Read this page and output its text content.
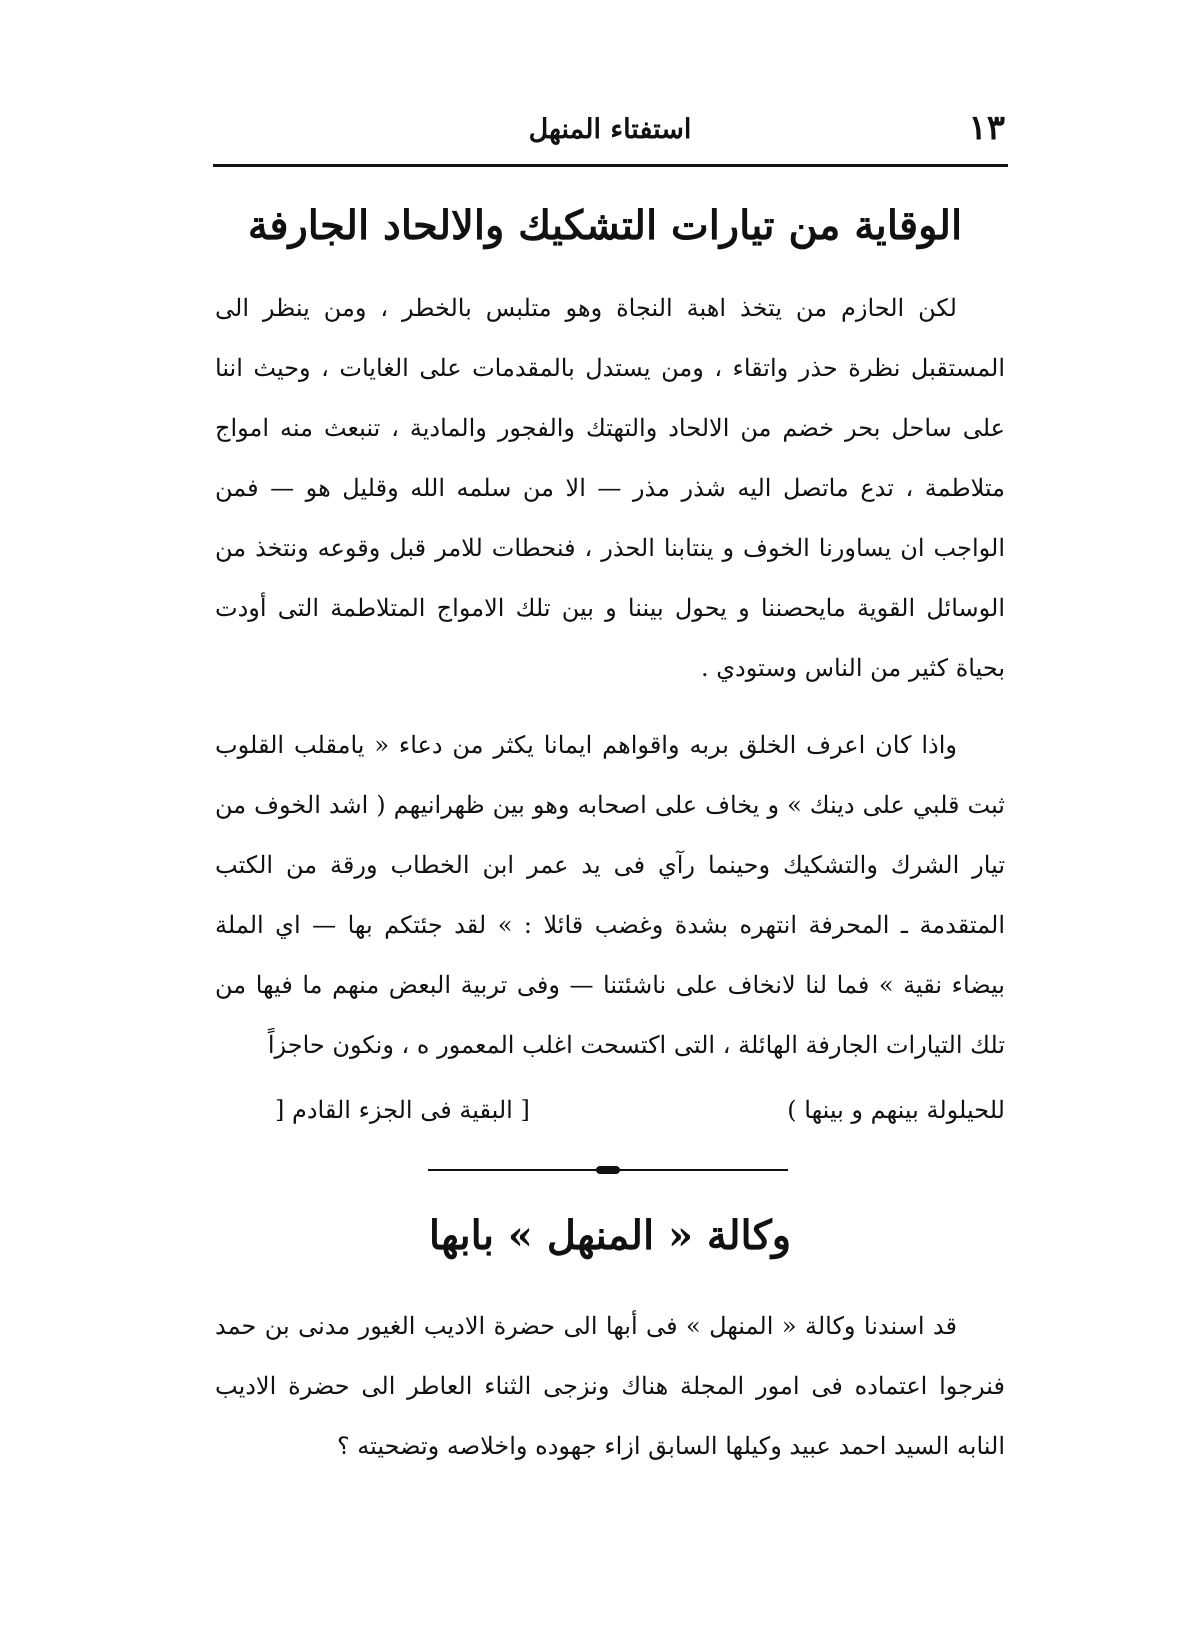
١٣
استفتاء المنهل
الوقاية من تيارات التشكيك والالحاد الجارفة

لكن الحازم من يتخذ اهبة النجاة وهو متلبس بالخطر ، ومن ينظر الى المستقبل نظرة حذر واتقاء ، ومن يستدل بالمقدمات على الغايات ، وحيث اننا على ساحل بحر خضم من الالحاد والتهتك والفجور والمادية ، تنبعث منه امواج متلاطمة ، تدع ماتصل اليه شذر مذر — الا من سلمه الله وقليل هو — فمن الواجب ان يساورنا الخوف و ينتابنا الحذر ، فنحطات للامر قبل وقوعه ونتخذ من الوسائل القوية مايحصننا و يحول بيننا و بين تلك الامواج المتلاطمة التى أودت بحياة كثير من الناس وستودي .

واذا كان اعرف الخلق بربه واقواهم ايمانا يكثر من دعاء « يامقلب القلوب ثبت قلبي على دينك » و يخاف على اصحابه وهو بين ظهرانيهم ( اشد الخوف من تيار الشرك والتشكيك وحينما رآي فى يد عمر ابن الخطاب ورقة من الكتب المتقدمة ـ المحرفة انتهره بشدة وغضب قائلا : » لقد جئتكم بها — اي الملة بيضاء نقية » فما لنا لانخاف على ناشئتنا — وفى تربية البعض منهم ما فيها من تلك التيارات الجارفة الهائلة ، التى اكتسحت اغلب المعمور ه ، ونكون حاجزاً

للحيلولة بينهم و بينها )
[ البقية فى الجزء القادم [
وكالة « المنهل » بابها

قد اسندنا وكالة « المنهل » فى أبها الى حضرة الاديب الغيور مدنى بن حمد فنرجوا اعتماده فى امور المجلة هناك ونزجى الثناء العاطر الى حضرة الاديب النابه السيد احمد عبيد وكيلها السابق ازاء جهوده واخلاصه وتضحيته ؟
